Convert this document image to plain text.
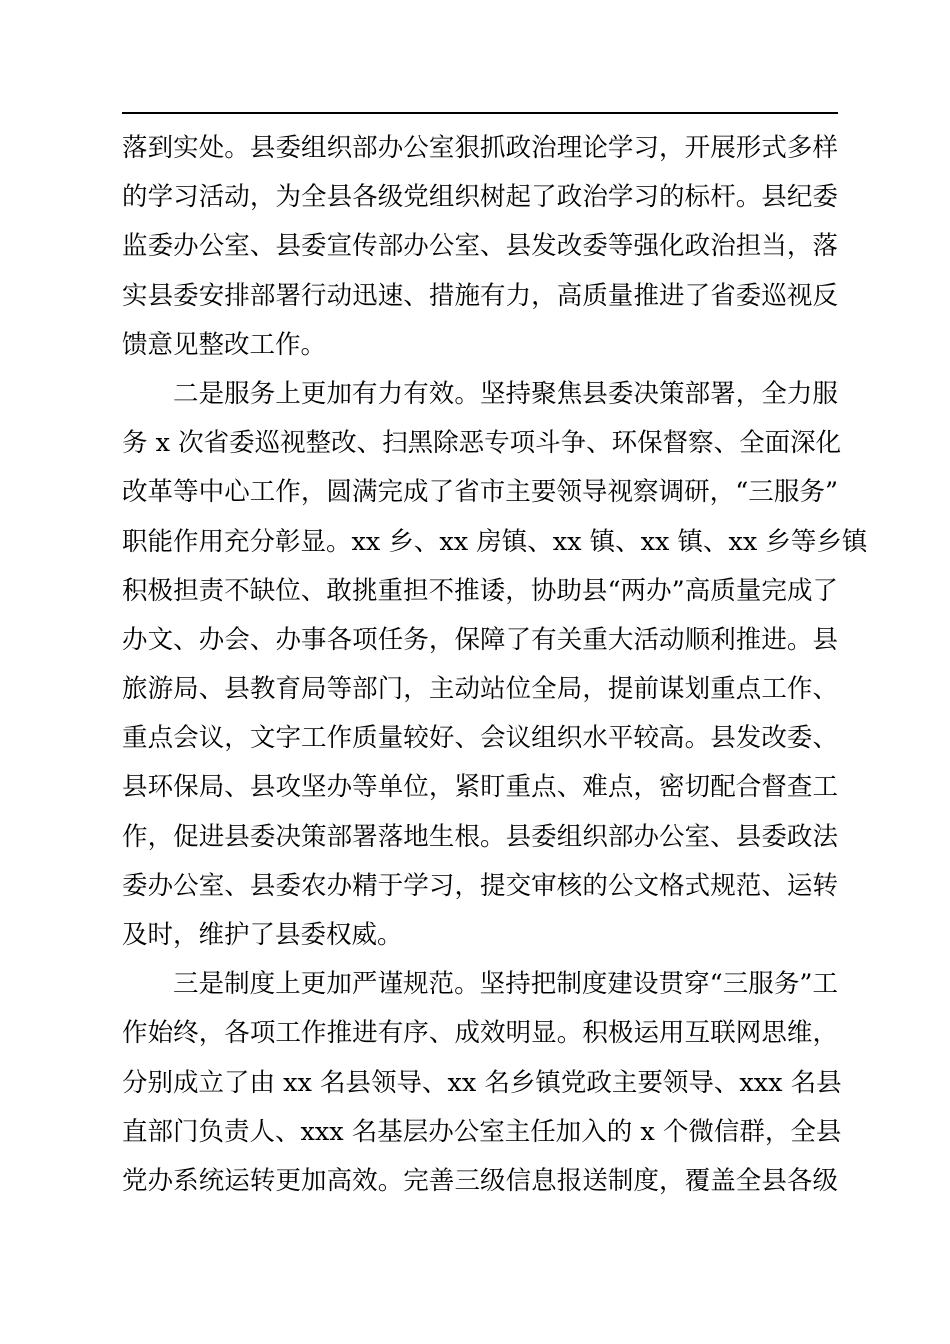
落到实处。县委组织部办公室狠抓政治理论学习，开展形式多样
的学习活动，为全县各级党组织树起了政治学习的标杆。县纪委
监委办公室、县委宣传部办公室、县发改委等强化政治担当，落
实县委安排部署行动迅速、措施有力，高质量推进了省委巡视反
馈意见整改工作。
二是服务上更加有力有效。坚持聚焦县委决策部署，全力服
务 x 次省委巡视整改、扫黑除恶专项斗争、环保督察、全面深化
改革等中心工作，圆满完成了省市主要领导视察调研，“三服务”
职能作用充分彰显。xx 乡、xx 房镇、xx 镇、xx 镇、xx 乡等乡镇
积极担责不缺位、敢挑重担不推诿，协助县“两办”高质量完成了
办文、办会、办事各项任务，保障了有关重大活动顺利推进。县
旅游局、县教育局等部门，主动站位全局，提前谋划重点工作、
重点会议，文字工作质量较好、会议组织水平较高。县发改委、
县环保局、县攻坚办等单位，紧盯重点、难点，密切配合督查工
作，促进县委决策部署落地生根。县委组织部办公室、县委政法
委办公室、县委农办精于学习，提交审核的公文格式规范、运转
及时，维护了县委权威。
三是制度上更加严谨规范。坚持把制度建设贯穿“三服务”工
作始终，各项工作推进有序、成效明显。积极运用互联网思维，
分别成立了由 xx 名县领导、xx 名乡镇党政主要领导、xxx 名县
直部门负责人、xxx 名基层办公室主任加入的 x 个微信群，全县
党办系统运转更加高效。完善三级信息报送制度，覆盖全县各级
